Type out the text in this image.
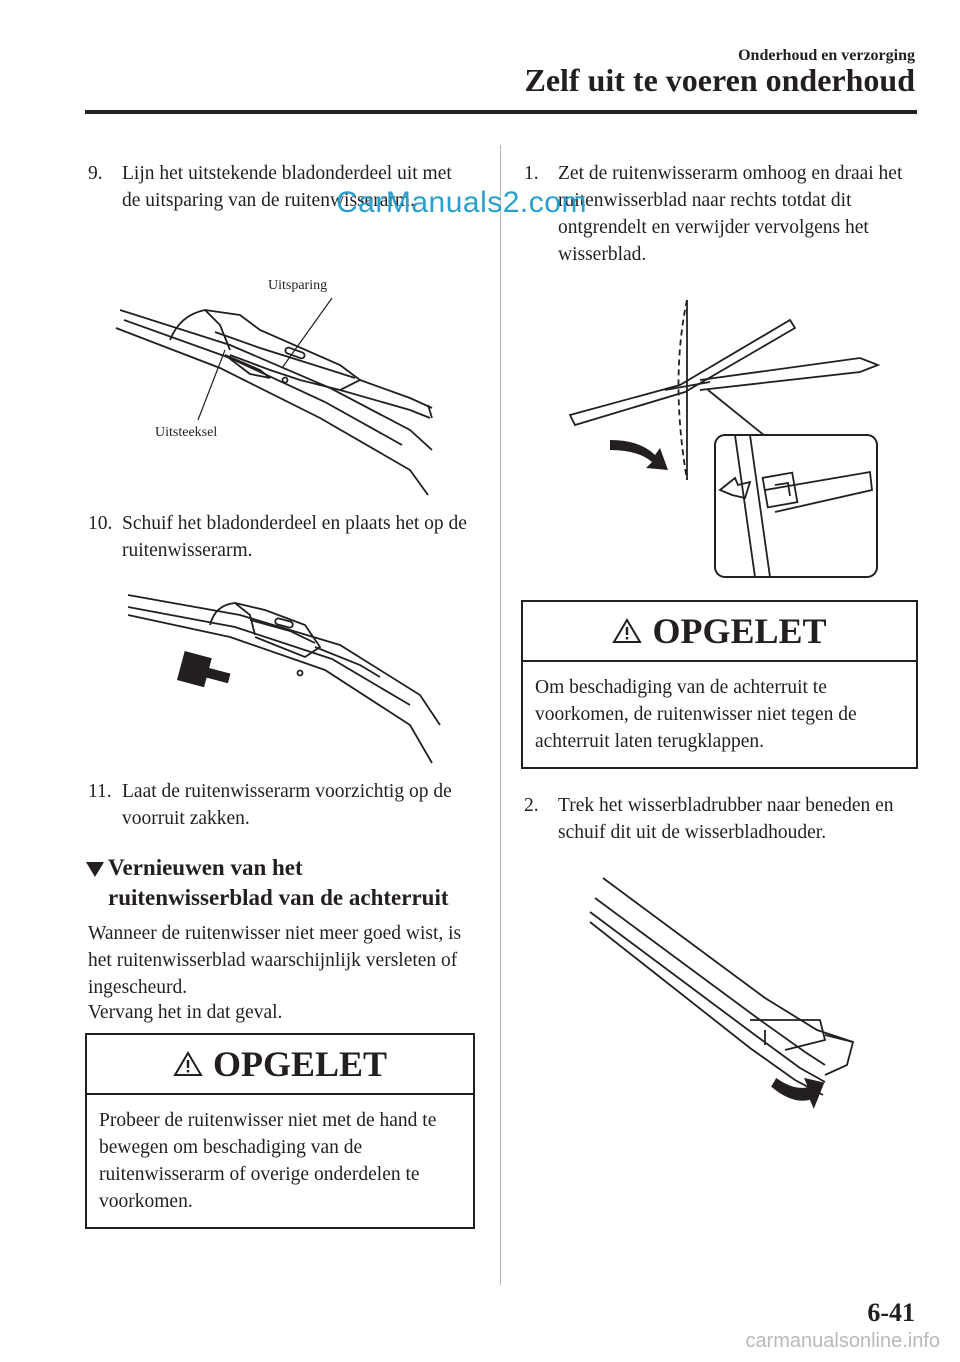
Onderhoud en verzorging
Zelf uit te voeren onderhoud
9. Lijn het uitstekende bladonderdeel uit met de uitsparing van de ruitenwisserarm.
Uitsparing
Uitsteeksel
10. Schuif het bladonderdeel en plaats het op de ruitenwisserarm.
11. Laat de ruitenwisserarm voorzichtig op de voorruit zakken.
Vernieuwen van het
ruitenwisserblad van de achterruit
Wanneer de ruitenwisser niet meer goed wist, is het ruitenwisserblad waarschijnlijk versleten of ingescheurd.
Vervang het in dat geval.
OPGELET
Probeer de ruitenwisser niet met de hand te bewegen om beschadiging van de ruitenwisserarm of overige onderdelen te voorkomen.
1. Zet de ruitenwisserarm omhoog en draai het ruitenwisserblad naar rechts totdat dit ontgrendelt en verwijder vervolgens het wisserblad.
CarManuals2.com
OPGELET
Om beschadiging van de achterruit te voorkomen, de ruitenwisser niet tegen de achterruit laten terugklappen.
2. Trek het wisserbladrubber naar beneden en schuif dit uit de wisserbladhouder.
6-41
carmanualsonline.info
